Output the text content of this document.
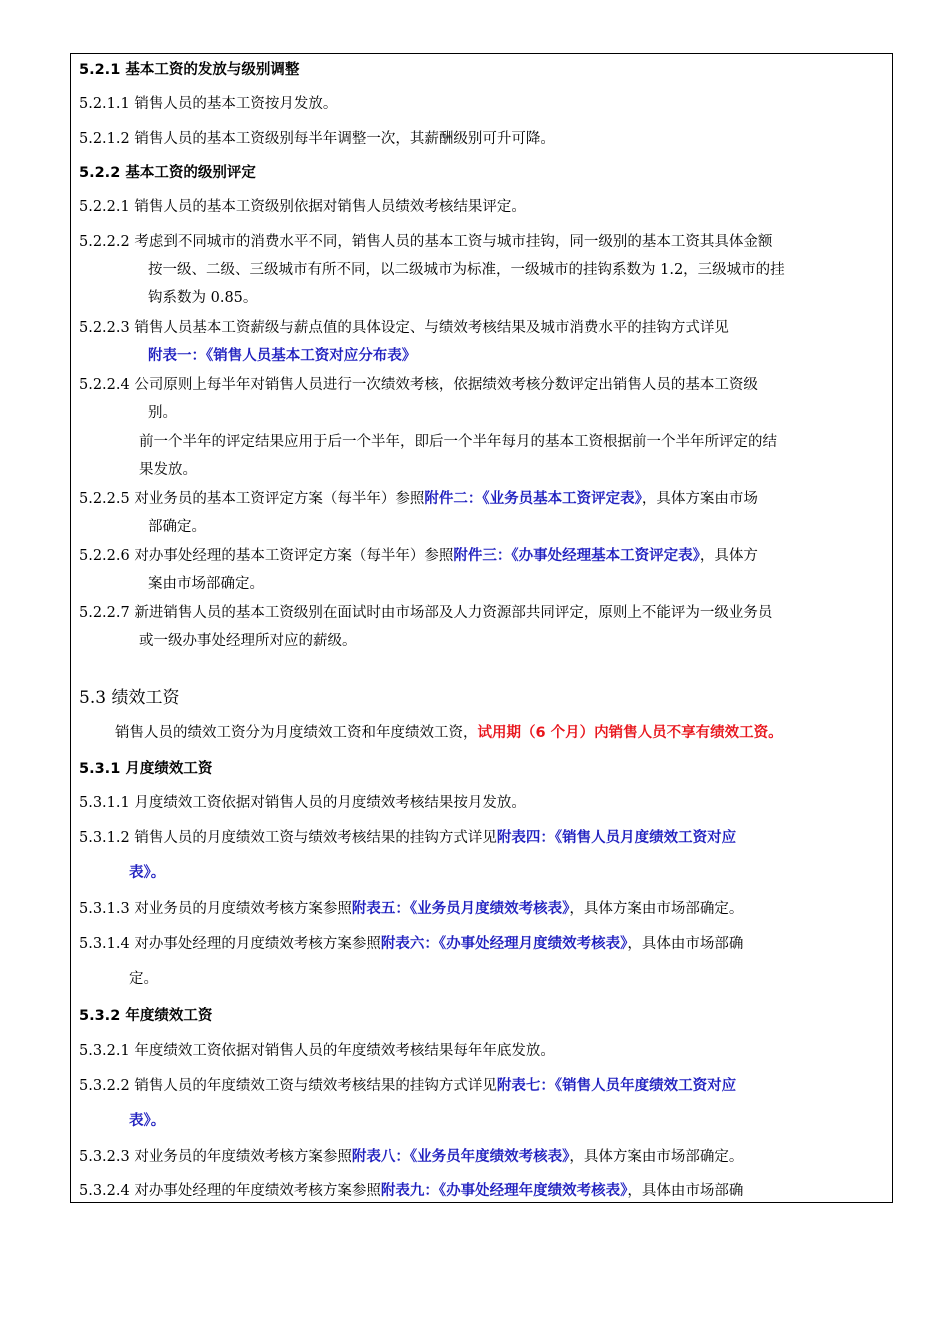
5.2.1 基本工资的发放与级别调整
5.2.1.1 销售人员的基本工资按月发放。
5.2.1.2 销售人员的基本工资级别每半年调整一次，其薪酬级别可升可降。
5.2.2 基本工资的级别评定
5.2.2.1 销售人员的基本工资级别依据对销售人员绩效考核结果评定。
5.2.2.2 考虑到不同城市的消费水平不同，销售人员的基本工资与城市挂钩，同一级别的基本工资其具体金额
按一级、二级、三级城市有所不同，以二级城市为标准，一级城市的挂钩系数为 1.2，三级城市的挂
钩系数为 0.85。
5.2.2.3 销售人员基本工资薪级与薪点值的具体设定、与绩效考核结果及城市消费水平的挂钩方式详见
附表一：《销售人员基本工资对应分布表》
5.2.2.4 公司原则上每半年对销售人员进行一次绩效考核，依据绩效考核分数评定出销售人员的基本工资级
别。
前一个半年的评定结果应用于后一个半年，即后一个半年每月的基本工资根据前一个半年所评定的结
果发放。
5.2.2.5 对业务员的基本工资评定方案（每半年）参照附件二：《业务员基本工资评定表》，具体方案由市场
部确定。
5.2.2.6 对办事处经理的基本工资评定方案（每半年）参照附件三：《办事处经理基本工资评定表》，具体方
案由市场部确定。
5.2.2.7 新进销售人员的基本工资级别在面试时由市场部及人力资源部共同评定，原则上不能评为一级业务员
或一级办事处经理所对应的薪级。
5.3 绩效工资
销售人员的绩效工资分为月度绩效工资和年度绩效工资，试用期（6 个月）内销售人员不享有绩效工资。
5.3.1 月度绩效工资
5.3.1.1 月度绩效工资依据对销售人员的月度绩效考核结果按月发放。
5.3.1.2 销售人员的月度绩效工资与绩效考核结果的挂钩方式详见附表四：《销售人员月度绩效工资对应
表》。
5.3.1.3 对业务员的月度绩效考核方案参照附表五：《业务员月度绩效考核表》，具体方案由市场部确定。
5.3.1.4 对办事处经理的月度绩效考核方案参照附表六：《办事处经理月度绩效考核表》，具体由市场部确
定。
5.3.2 年度绩效工资
5.3.2.1 年度绩效工资依据对销售人员的年度绩效考核结果每年年底发放。
5.3.2.2 销售人员的年度绩效工资与绩效考核结果的挂钩方式详见附表七：《销售人员年度绩效工资对应
表》。
5.3.2.3 对业务员的年度绩效考核方案参照附表八：《业务员年度绩效考核表》，具体方案由市场部确定。
5.3.2.4 对办事处经理的年度绩效考核方案参照附表九：《办事处经理年度绩效考核表》，具体由市场部确
